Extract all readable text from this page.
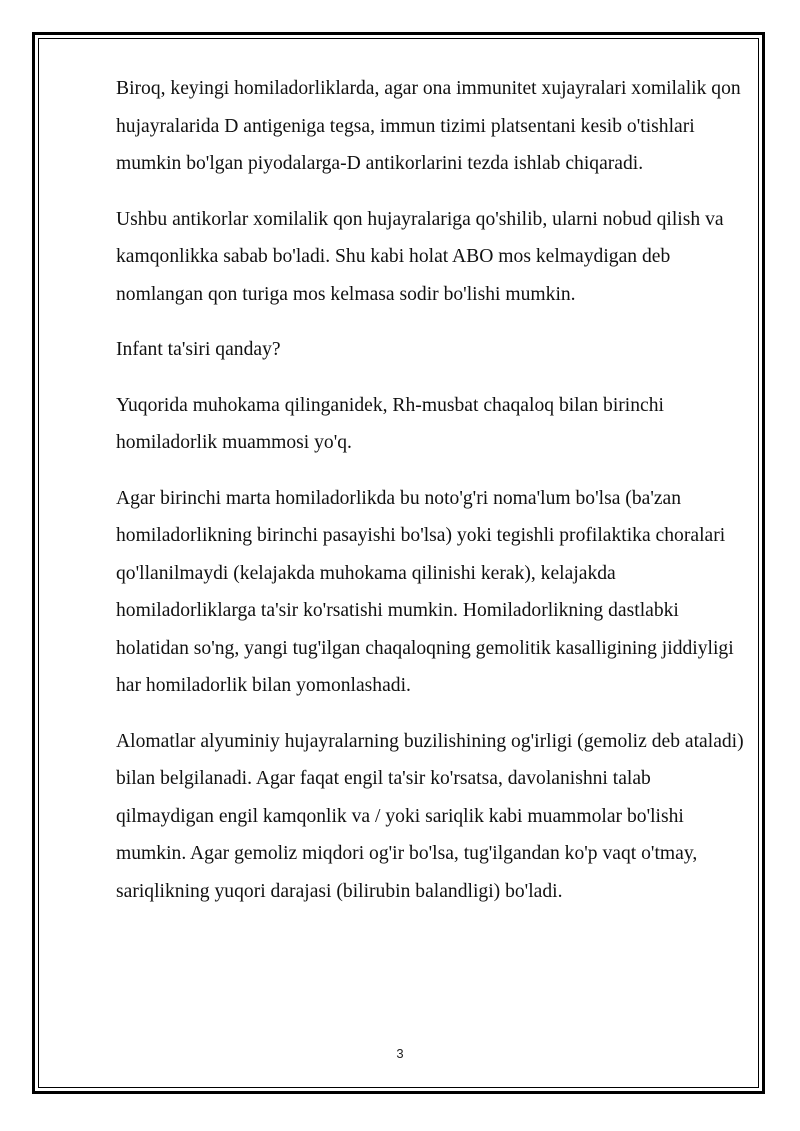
Biroq, keyingi homiladorliklarda, agar ona immunitet xujayralari xomilalik qon hujayralarida D antigeniga tegsa, immun tizimi platsentani kesib o'tishlari mumkin bo'lgan piyodalarga-D antikorlarini tezda ishlab chiqaradi.

Ushbu antikorlar xomilalik qon hujayralariga qo'shilib, ularni nobud qilish va kamqonlikka sabab bo'ladi. Shu kabi holat ABO mos kelmaydigan deb nomlangan qon turiga mos kelmasa sodir bo'lishi mumkin.

Infant ta'siri qanday?

Yuqorida muhokama qilinganidek, Rh-musbat chaqaloq bilan birinchi homiladorlik muammosi yo'q.

Agar birinchi marta homiladorlikda bu noto'g'ri noma'lum bo'lsa (ba'zan homiladorlikning birinchi pasayishi bo'lsa) yoki tegishli profilaktika choralari qo'llanilmaydi (kelajakda muhokama qilinishi kerak), kelajakda homiladorliklarga ta'sir ko'rsatishi mumkin. Homiladorlikning dastlabki holatidan so'ng, yangi tug'ilgan chaqaloqning gemolitik kasalligining jiddiyligi har homiladorlik bilan yomonlashadi.

Alomatlar alyuminiy hujayralarning buzilishining og'irligi (gemoliz deb ataladi) bilan belgilanadi. Agar faqat engil ta'sir ko'rsatsa, davolanishni talab qilmaydigan engil kamqonlik va / yoki sariqlik kabi muammolar bo'lishi mumkin. Agar gemoliz miqdori og'ir bo'lsa, tug'ilgandan ko'p vaqt o'tmay, sariqlikning yuqori darajasi (bilirubin balandligi) bo'ladi.

3
